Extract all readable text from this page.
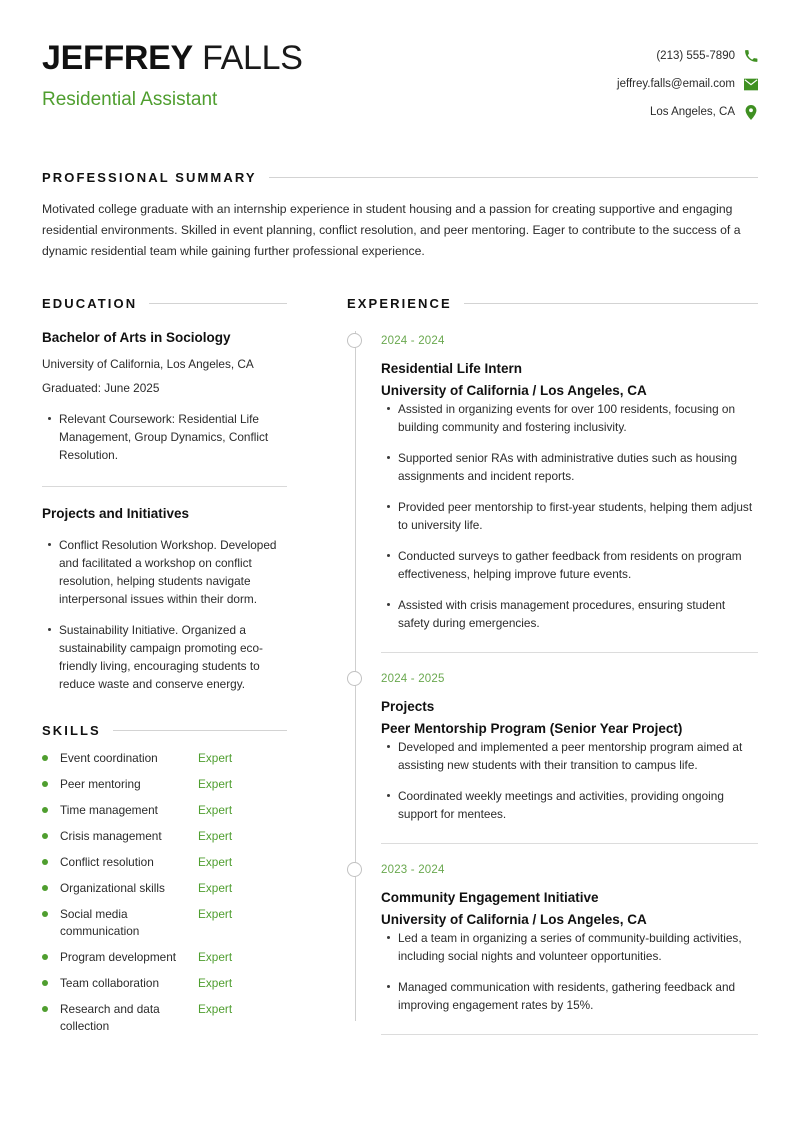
JEFFREY FALLS
Residential Assistant
(213) 555-7890
jeffrey.falls@email.com
Los Angeles, CA
PROFESSIONAL SUMMARY
Motivated college graduate with an internship experience in student housing and a passion for creating supportive and engaging residential environments. Skilled in event planning, conflict resolution, and peer mentoring. Eager to contribute to the success of a dynamic residential team while gaining further professional experience.
EDUCATION
Bachelor of Arts in Sociology
University of California, Los Angeles, CA
Graduated: June 2025
Relevant Coursework: Residential Life Management, Group Dynamics, Conflict Resolution.
Projects and Initiatives
Conflict Resolution Workshop. Developed and facilitated a workshop on conflict resolution, helping students navigate interpersonal issues within their dorm.
Sustainability Initiative. Organized a sustainability campaign promoting eco-friendly living, encouraging students to reduce waste and conserve energy.
SKILLS
Event coordination	Expert
Peer mentoring	Expert
Time management	Expert
Crisis management	Expert
Conflict resolution	Expert
Organizational skills	Expert
Social media communication
Expert
Program development	Expert
Team collaboration	Expert
Research and data collection
Expert
EXPERIENCE
2024 - 2024
Residential Life Intern
University of California / Los Angeles, CA
Assisted in organizing events for over 100 residents, focusing on building community and fostering inclusivity.
Supported senior RAs with administrative duties such as housing assignments and incident reports.
Provided peer mentorship to first-year students, helping them adjust to university life.
Conducted surveys to gather feedback from residents on program effectiveness, helping improve future events.
Assisted with crisis management procedures, ensuring student safety during emergencies.
2024 - 2025
Projects
Peer Mentorship Program (Senior Year Project)
Developed and implemented a peer mentorship program aimed at assisting new students with their transition to campus life.
Coordinated weekly meetings and activities, providing ongoing support for mentees.
2023 - 2024
Community Engagement Initiative
University of California / Los Angeles, CA
Led a team in organizing a series of community-building activities, including social nights and volunteer opportunities.
Managed communication with residents, gathering feedback and improving engagement rates by 15%.
